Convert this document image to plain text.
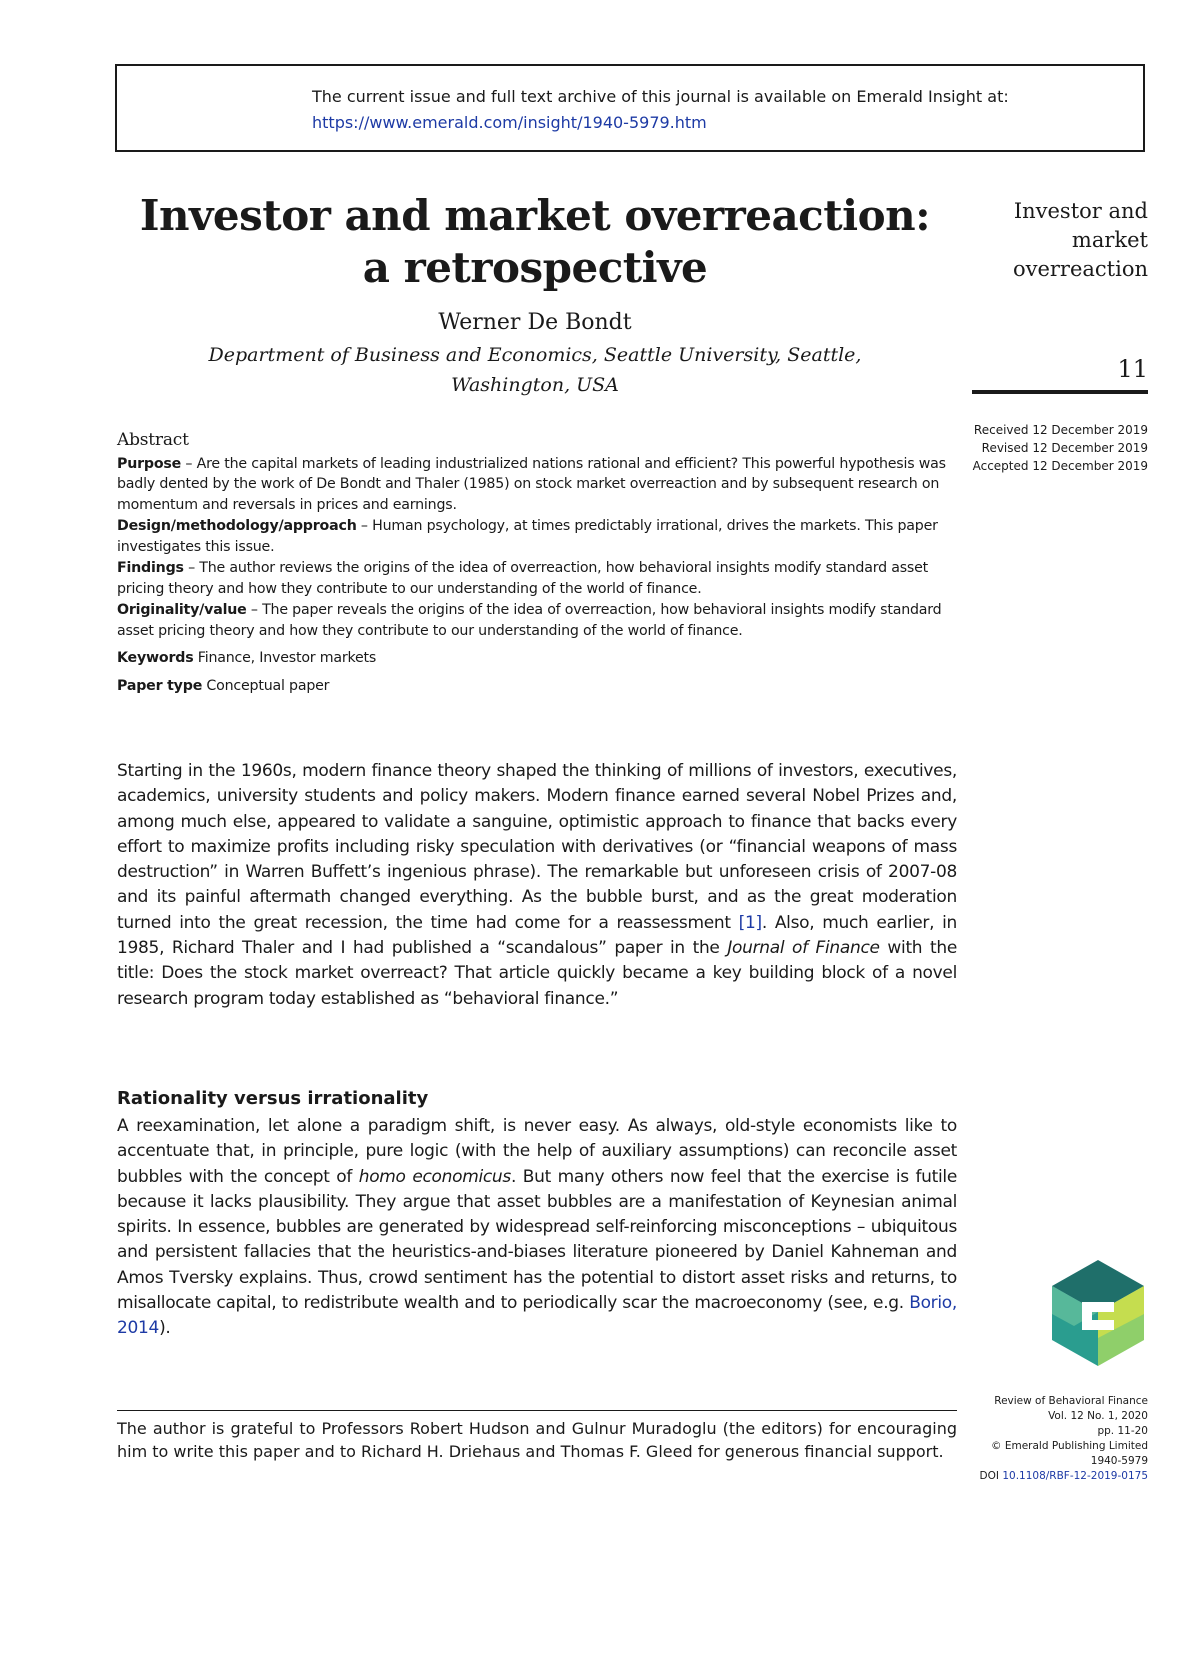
The current issue and full text archive of this journal is available on Emerald Insight at:
https://www.emerald.com/insight/1940-5979.htm
Investor and market overreaction:
a retrospective
Werner De Bondt
Department of Business and Economics, Seattle University, Seattle,
Washington, USA
Investor and
market
overreaction
11
Received 12 December 2019
Revised 12 December 2019
Accepted 12 December 2019
Abstract

Purpose – Are the capital markets of leading industrialized nations rational and efficient? This powerful hypothesis was badly dented by the work of De Bondt and Thaler (1985) on stock market overreaction and by subsequent research on momentum and reversals in prices and earnings.

Design/methodology/approach – Human psychology, at times predictably irrational, drives the markets. This paper investigates this issue.

Findings – The author reviews the origins of the idea of overreaction, how behavioral insights modify standard asset pricing theory and how they contribute to our understanding of the world of finance.

Originality/value – The paper reveals the origins of the idea of overreaction, how behavioral insights modify standard asset pricing theory and how they contribute to our understanding of the world of finance.

Keywords Finance, Investor markets

Paper type Conceptual paper

Starting in the 1960s, modern finance theory shaped the thinking of millions of investors, executives, academics, university students and policy makers. Modern finance earned several Nobel Prizes and, among much else, appeared to validate a sanguine, optimistic approach to finance that backs every effort to maximize profits including risky speculation with derivatives (or “financial weapons of mass destruction” in Warren Buffett’s ingenious phrase). The remarkable but unforeseen crisis of 2007-08 and its painful aftermath changed everything. As the bubble burst, and as the great moderation turned into the great recession, the time had come for a reassessment [1]. Also, much earlier, in 1985, Richard Thaler and I had published a “scandalous” paper in the Journal of Finance with the title: Does the stock market overreact? That article quickly became a key building block of a novel research program today established as “behavioral finance.”

Rationality versus irrationality

A reexamination, let alone a paradigm shift, is never easy. As always, old-style economists like to accentuate that, in principle, pure logic (with the help of auxiliary assumptions) can reconcile asset bubbles with the concept of homo economicus. But many others now feel that the exercise is futile because it lacks plausibility. They argue that asset bubbles are a manifestation of Keynesian animal spirits. In essence, bubbles are generated by widespread self-reinforcing misconceptions – ubiquitous and persistent fallacies that the heuristics-and-biases literature pioneered by Daniel Kahneman and Amos Tversky explains. Thus, crowd sentiment has the potential to distort asset risks and returns, to misallocate capital, to redistribute wealth and to periodically scar the macroeconomy (see, e.g. Borio, 2014).

The author is grateful to Professors Robert Hudson and Gulnur Muradoglu (the editors) for encouraging him to write this paper and to Richard H. Driehaus and Thomas F. Gleed for generous financial support.
Review of Behavioral Finance
Vol. 12 No. 1, 2020
pp. 11-20
© Emerald Publishing Limited
1940-5979
DOI 10.1108/RBF-12-2019-0175
